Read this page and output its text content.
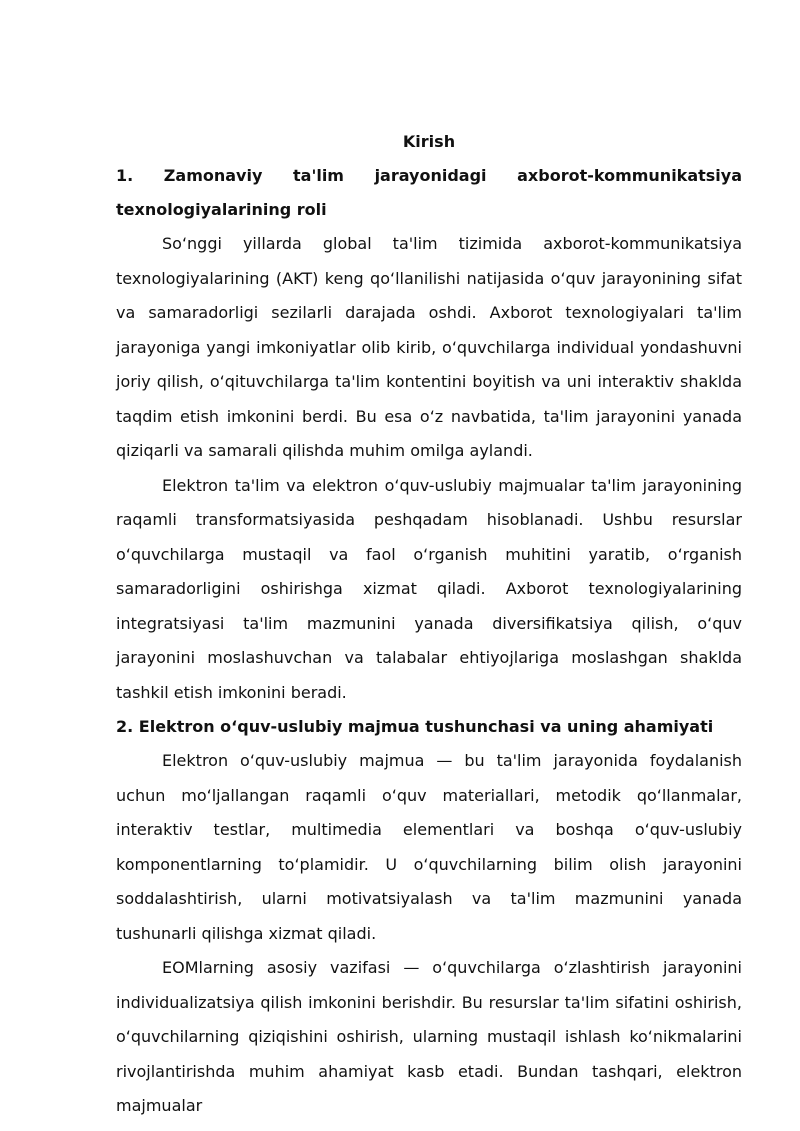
Kirish

1. Zamonaviy ta'lim jarayonidagi axborot-kommunikatsiya texnologiyalarining roli

So‘nggi yillarda global ta'lim tizimida axborot-kommunikatsiya texnologiyalarining (AKT) keng qo‘llanilishi natijasida o‘quv jarayonining sifat va samaradorligi sezilarli darajada oshdi. Axborot texnologiyalari ta'lim jarayoniga yangi imkoniyatlar olib kirib, o‘quvchilarga individual yondashuvni joriy qilish, o‘qituvchilarga ta'lim kontentini boyitish va uni interaktiv shaklda taqdim etish imkonini berdi. Bu esa o‘z navbatida, ta'lim jarayonini yanada qiziqarli va samarali qilishda muhim omilga aylandi.

Elektron ta'lim va elektron o‘quv-uslubiy majmualar ta'lim jarayonining raqamli transformatsiyasida peshqadam hisoblanadi. Ushbu resurslar o‘quvchilarga mustaqil va faol o‘rganish muhitini yaratib, o‘rganish samaradorligini oshirishga xizmat qiladi. Axborot texnologiyalarining integratsiyasi ta'lim mazmunini yanada diversifikatsiya qilish, o‘quv jarayonini moslashuvchan va talabalar ehtiyojlariga moslashgan shaklda tashkil etish imkonini beradi.

2. Elektron o‘quv-uslubiy majmua tushunchasi va uning ahamiyati

Elektron o‘quv-uslubiy majmua — bu ta'lim jarayonida foydalanish uchun mo‘ljallangan raqamli o‘quv materiallari, metodik qo‘llanmalar, interaktiv testlar, multimedia elementlari va boshqa o‘quv-uslubiy komponentlarning to‘plamidir. U o‘quvchilarning bilim olish jarayonini soddalashtirish, ularni motivatsiyalash va ta'lim mazmunini yanada tushunarli qilishga xizmat qiladi.

EOMlarning asosiy vazifasi — o‘quvchilarga o‘zlashtirish jarayonini individualizatsiya qilish imkonini berishdir. Bu resurslar ta'lim sifatini oshirish, o‘quvchilarning qiziqishini oshirish, ularning mustaqil ishlash ko‘nikmalarini rivojlantirishda muhim ahamiyat kasb etadi. Bundan tashqari, elektron majmualar
